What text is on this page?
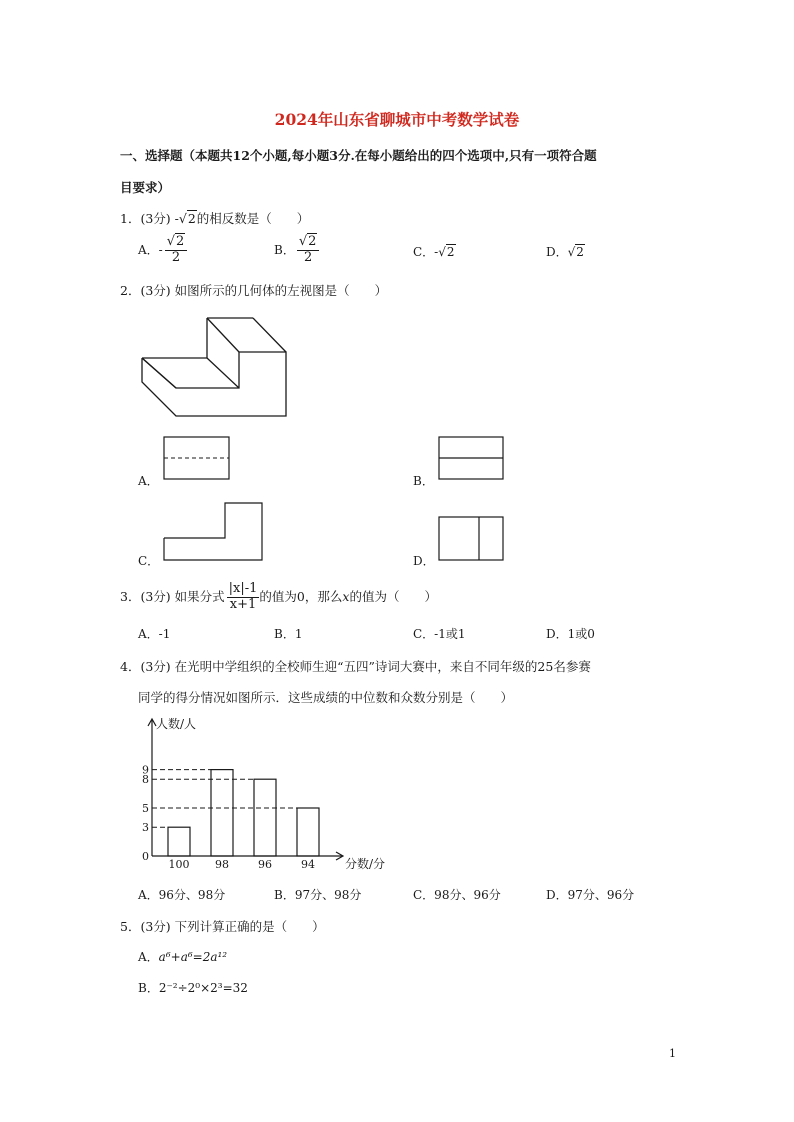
2024年山东省聊城市中考数学试卷
一、选择题（本题共12个小题,每小题3分.在每小题给出的四个选项中,只有一项符合题
目要求）
1．(3分) -√2的相反数是（　　）
A．- $\frac{√2}{2}$	B． $\frac{√2}{2}$	C．-√2	D．√2
2．(3分) 如图所示的几何体的左视图是（　　）
A．	B．
C．	D．
3．(3分) 如果分式 $\frac{|x|-1}{x+1}$ 的值为0，那么x的值为（　　）
A．-1	B．1	C．-1或1	D．1或0
4．(3分) 在光明中学组织的全校师生迎“五四”诗词大赛中，来自不同年级的25名参赛
同学的得分情况如图所示．这些成绩的中位数和众数分别是（　　）
人数/人
分数/分
0
3
5
8
9
100 98	96	94
A．96分、98分	B．97分、98分	C．98分、96分	D．97分、96分
5．(3分) 下列计算正确的是（　　）
A．a⁶+a⁶=2a¹²
B．2⁻²÷2⁰×2³=32
1
